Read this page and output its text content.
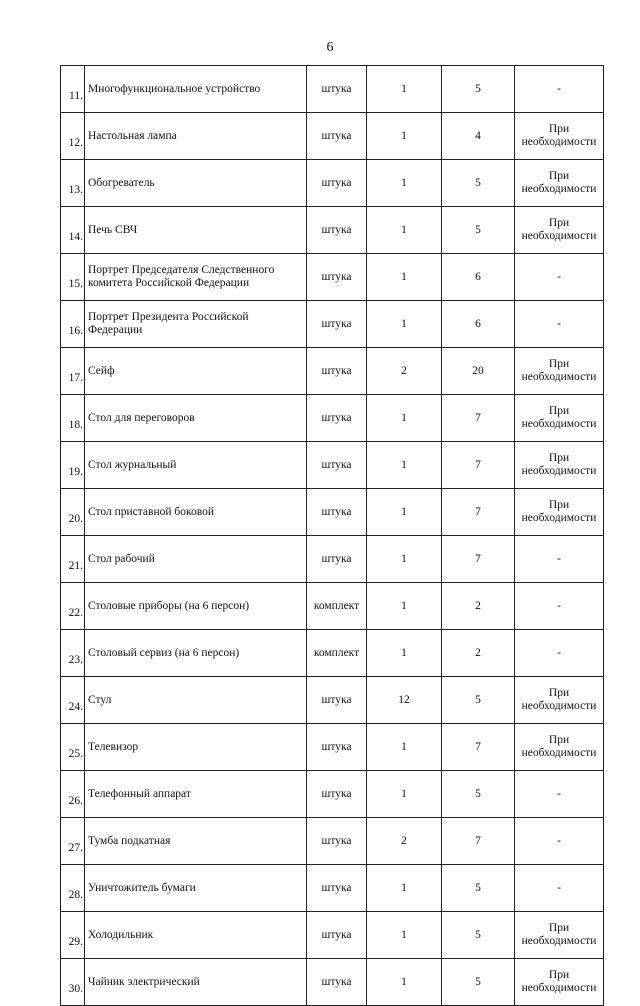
6
11.	Многофункциональное устройство	штука	1	5	-
12.	Настольная лампа	штука	1	4	При необходимости
13.	Обогреватель	штука	1	5	При необходимости
14.	Печь СВЧ	штука	1	5	При необходимости
15.	Портрет Председателя Следственного комитета Российской Федерации	штука	1	6	-
16.	Портрет Президента Российской Федерации	штука	1	6	-
17.	Сейф	штука	2	20	При необходимости
18.	Стол для переговоров	штука	1	7	При необходимости
19.	Стол журнальный	штука	1	7	При необходимости
20.	Стол приставной боковой	штука	1	7	При необходимости
21.	Стол рабочий	штука	1	7	-
22.	Столовые приборы (на 6 персон)	комплект	1	2	-
23.	Столовый сервиз (на 6 персон)	комплект	1	2	-
24.	Стул	штука	12	5	При необходимости
25.	Телевизор	штука	1	7	При необходимости
26.	Телефонный аппарат	штука	1	5	-
27.	Тумба подкатная	штука	2	7	-
28.	Уничтожитель бумаги	штука	1	5	-
29.	Холодильник	штука	1	5	При необходимости
30.	Чайник электрический	штука	1	5	При необходимости
